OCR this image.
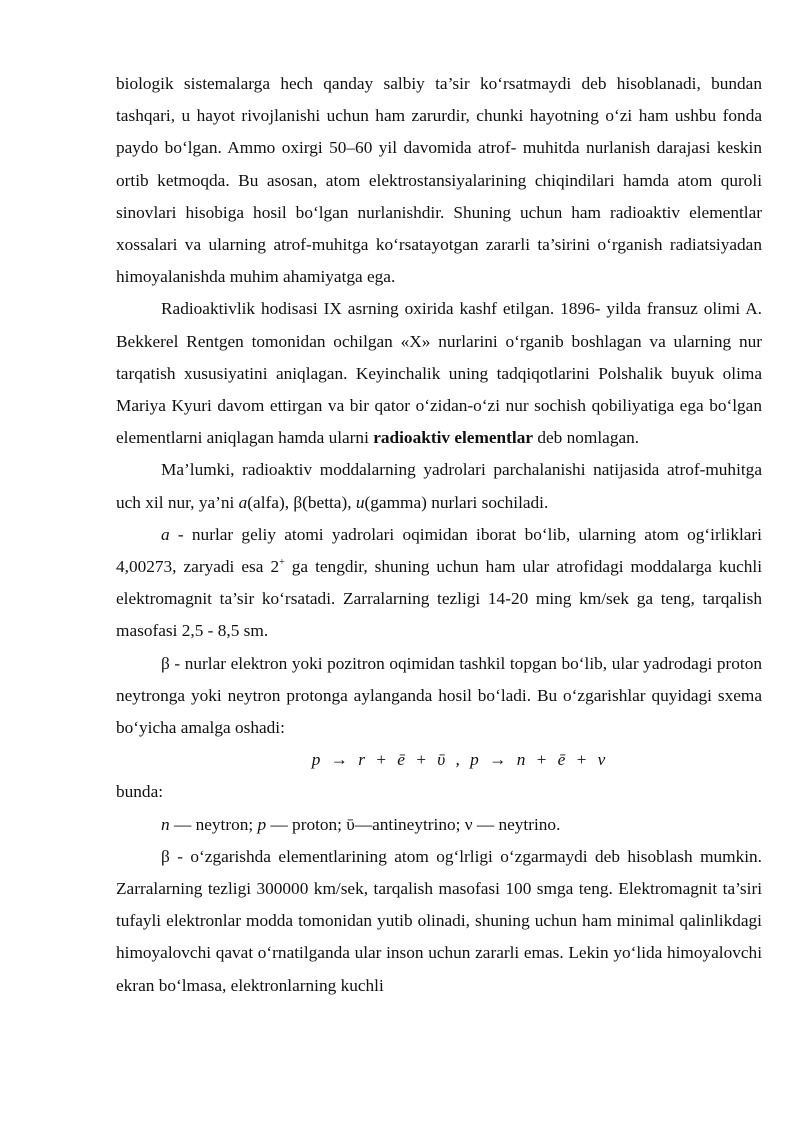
biologik sistemalarga hech qanday salbiy ta’sir ko‘rsatmaydi deb hisoblanadi, bundan tashqari, u hayot rivojlanishi uchun ham zarurdir, chunki hayotning o‘zi ham ushbu fonda paydo bo‘lgan. Ammo oxirgi 50–60 yil davomida atrof- muhitda nurlanish darajasi keskin ortib ketmoqda. Bu asosan, atom elektrostansiyalarining chiqindilari hamda atom quroli sinovlari hisobiga hosil bo‘lgan nurlanishdir. Shuning uchun ham radioaktiv elementlar xossalari va ularning atrof-muhitga ko‘rsatayotgan zararli ta’sirini o‘rganish radiatsiyadan himoyalanishda muhim ahamiyatga ega.

Radioaktivlik hodisasi IX asrning oxirida kashf etilgan. 1896- yilda fransuz olimi A. Bekkerel Rentgen tomonidan ochilgan «X» nurlarini o‘rganib boshlagan va ularning nur tarqatish xususiyatini aniqlagan. Keyinchalik uning tadqiqotlarini Polshalik buyuk olima Mariya Kyuri davom ettirgan va bir qator o‘zidan-o‘zi nur sochish qobiliyatiga ega bo‘lgan elementlarni aniqlagan hamda ularni radioaktiv elementlar deb nomlagan.

Ma’lumki, radioaktiv moddalarning yadrolari parchalanishi natijasida atrof-muhitga uch xil nur, ya’ni a(alfa), β(betta), u(gamma) nurlari sochiladi.

a - nurlar geliy atomi yadrolari oqimidan iborat bo‘lib, ularning atom og‘irliklari 4,00273, zaryadi esa 2+ ga tengdir, shuning uchun ham ular atrofidagi moddalarga kuchli elektromagnit ta’sir ko‘rsatadi. Zarralarning tezligi 14-20 ming km/sek ga teng, tarqalish masofasi 2,5 - 8,5 sm.

β - nurlar elektron yoki pozitron oqimidan tashkil topgan bo‘lib, ular yadrodagi proton neytronga yoki neytron protonga aylanganda hosil bo‘ladi. Bu o‘zgarishlar quyidagi sxema bo‘yicha amalga oshadi:

p → r + ē + ῡ , p → n + ē + ν

bunda:

n — neytron; p — proton; ῡ—antineytrino; ν — neytrino.

β - o‘zgarishda elementlarining atom og‘lrligi o‘zgarmaydi deb hisoblash mumkin. Zarralarning tezligi 300000 km/sek, tarqalish masofasi 100 smga teng. Elektromagnit ta’siri tufayli elektronlar modda tomonidan yutib olinadi, shuning uchun ham minimal qalinlikdagi himoyalovchi qavat o‘rnatilganda ular inson uchun zararli emas. Lekin yo‘lida himoyalovchi ekran bo‘lmasa, elektronlarning kuchli
